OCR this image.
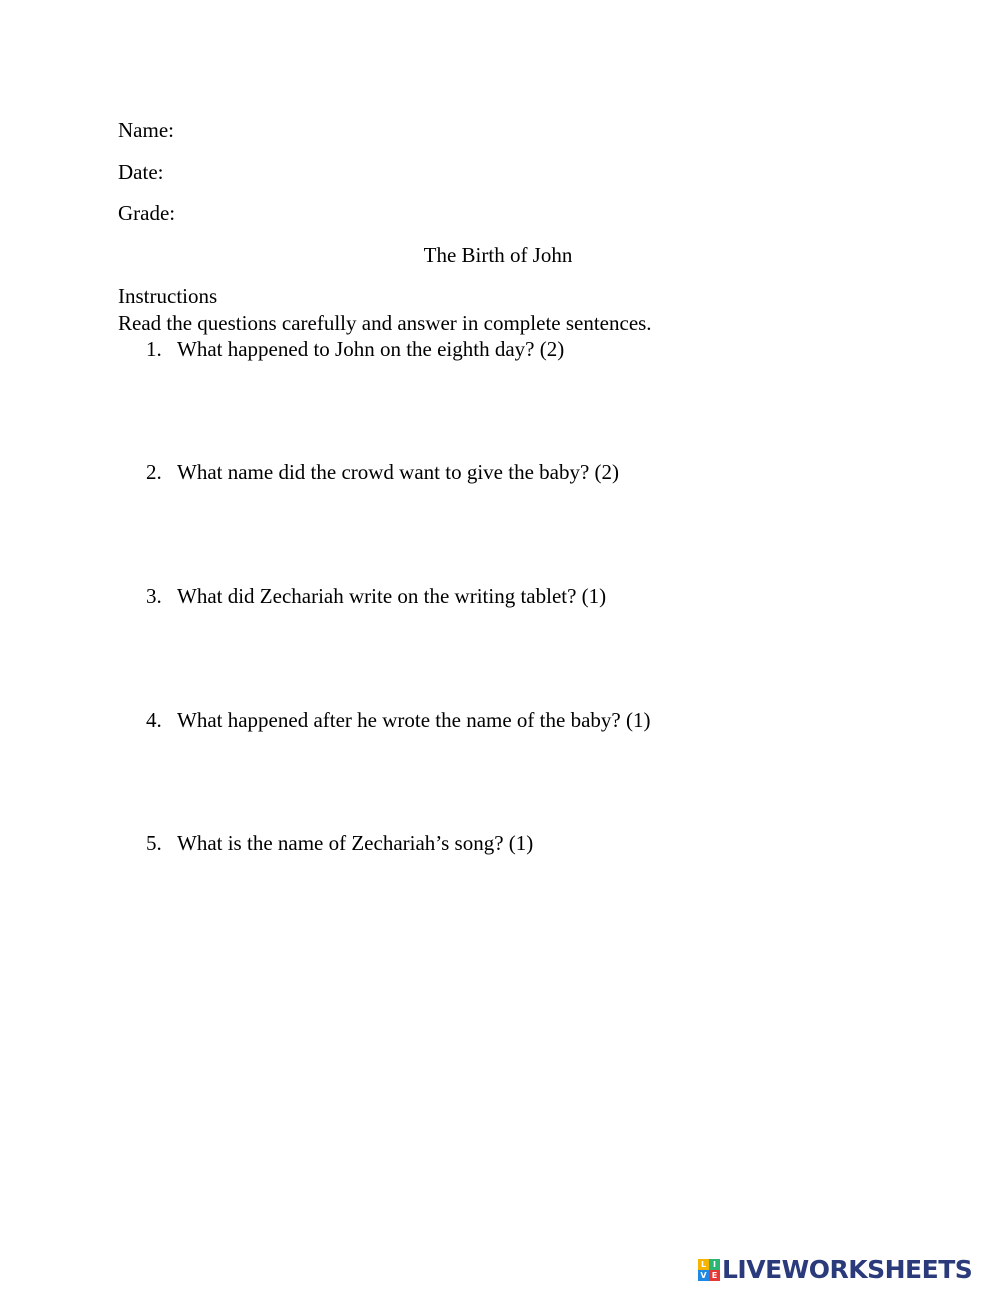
Name:
Date:
Grade:
The Birth of John
Instructions
Read the questions carefully and answer in complete sentences.
1. What happened to John on the eighth day? (2)
2. What name did the crowd want to give the baby? (2)
3. What did Zechariah write on the writing tablet? (1)
4. What happened after he wrote the name of the baby? (1)
5. What is the name of Zechariah’s song? (1)
L I
V E LIVEWORKSHEETS
